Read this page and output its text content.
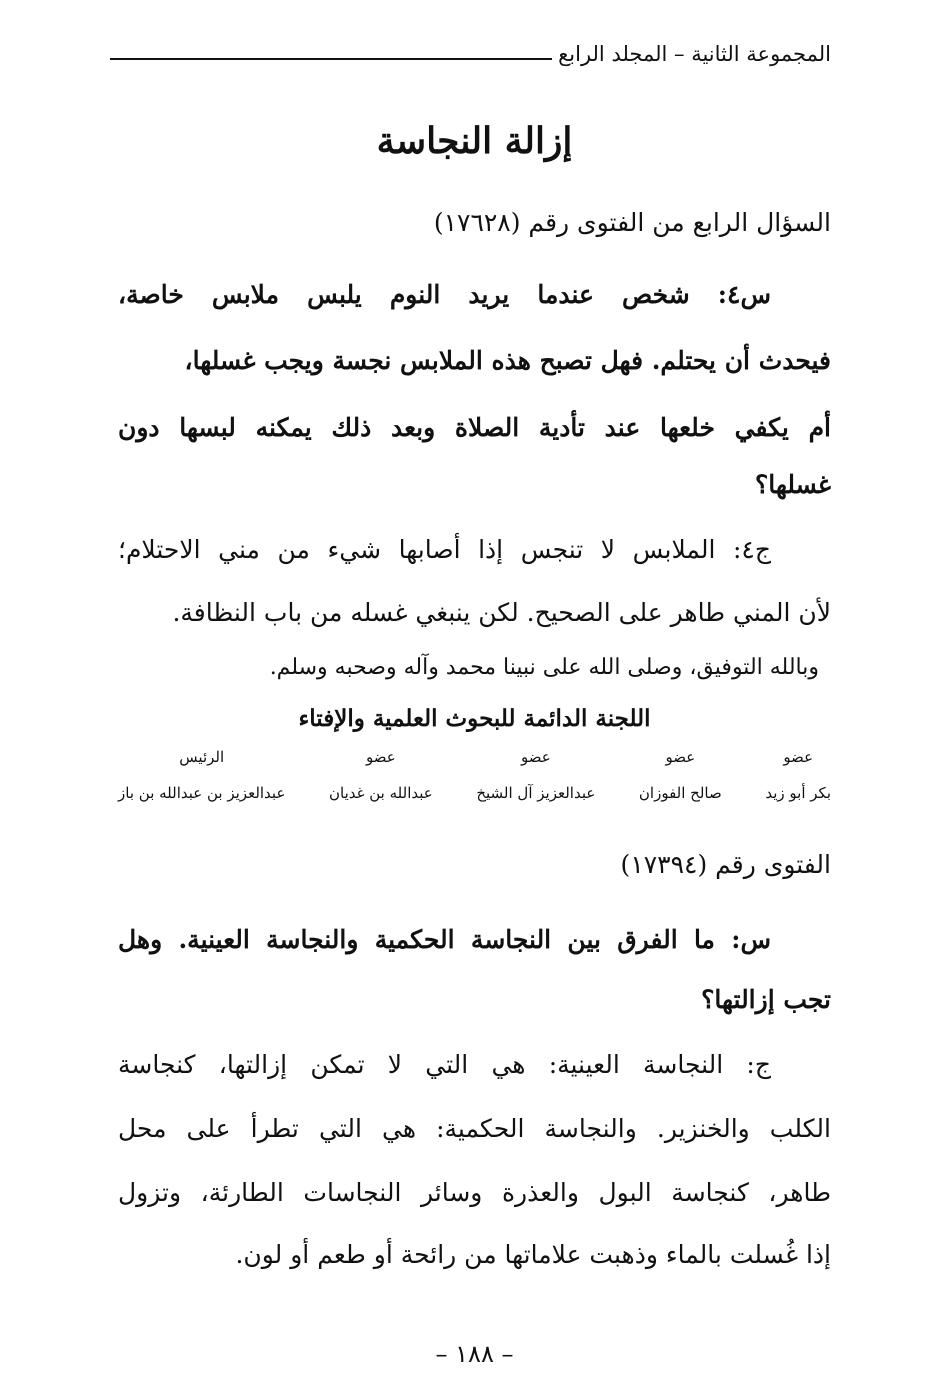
المجموعة الثانية – المجلد الرابع
إزالة النجاسة
السؤال الرابع من الفتوى رقم (١٧٦٢٨)
س٤: شخص عندما يريد النوم يلبس ملابس خاصة،
فيحدث أن يحتلم. فهل تصبح هذه الملابس نجسة ويجب غسلها،
أم يكفي خلعها عند تأدية الصلاة وبعد ذلك يمكنه لبسها دون
غسلها؟
ج٤: الملابس لا تنجس إذا أصابها شيء من مني الاحتلام؛
لأن المني طاهر على الصحيح. لكن ينبغي غسله من باب النظافة.
وبالله التوفيق، وصلى الله على نبينا محمد وآله وصحبه وسلم.
اللجنة الدائمة للبحوث العلمية والإفتاء
عضو
بكر أبو زيد
عضو
صالح الفوزان
عضو
عبدالعزيز آل الشيخ
عضو
عبدالله بن غديان
الرئيس
عبدالعزيز بن عبدالله بن باز
الفتوى رقم (١٧٣٩٤)
س: ما الفرق بين النجاسة الحكمية والنجاسة العينية. وهل
تجب إزالتها؟
ج: النجاسة العينية: هي التي لا تمكن إزالتها، كنجاسة
الكلب والخنزير. والنجاسة الحكمية: هي التي تطرأ على محل
طاهر، كنجاسة البول والعذرة وسائر النجاسات الطارئة، وتزول
إذا غُسلت بالماء وذهبت علاماتها من رائحة أو طعم أو لون.
– ١٨٨ –
